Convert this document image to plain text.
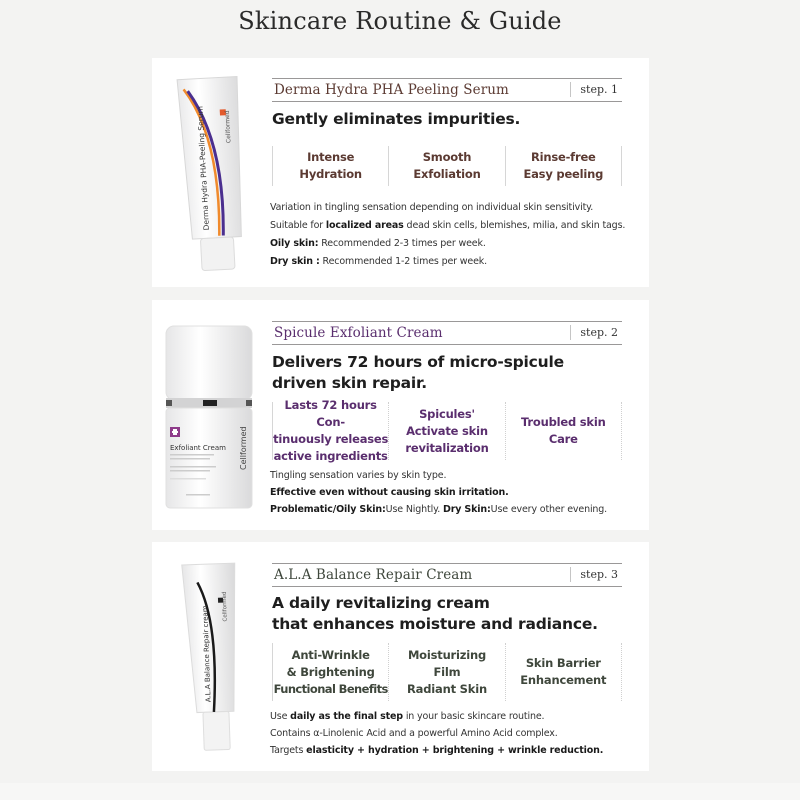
Skincare Routine & Guide
Derma Hydra PHA-Peeling Serum Cellformed
Derma Hydra PHA Peeling Serum	step. 1
Gently eliminates impurities.
Intense
Hydration
Smooth
Exfoliation
Rinse-free
Easy peeling
Variation in tingling sensation depending on individual skin sensitivity.
Suitable for localized areas dead skin cells, blemishes, milia, and skin tags.
Oily skin: Recommended 2-3 times per week.
Dry skin : Recommended 1-2 times per week.
Exfoliant Cream Cellformed
Spicule Exfoliant Cream	step. 2
Delivers 72 hours of micro-spicule
driven skin repair.
Lasts 72 hours Con-
tinuously releases
active ingredients
Spicules'
Activate skin
revitalization
Troubled skin
Care
Tingling sensation varies by skin type.
Effective even without causing skin irritation.
Problematic/Oily Skin:Use Nightly. Dry Skin:Use every other evening.
A.L.A Balance Repair cream Cellformed
A.L.A Balance Repair Cream	step. 3
A daily revitalizing cream
that enhances moisture and radiance.
Anti-Wrinkle
& Brightening
Functional Benefits
Moisturizing
Film
Radiant Skin
Skin Barrier
Enhancement
Use daily as the final step in your basic skincare routine.
Contains α-Linolenic Acid and a powerful Amino Acid complex.
Targets elasticity + hydration + brightening + wrinkle reduction.
